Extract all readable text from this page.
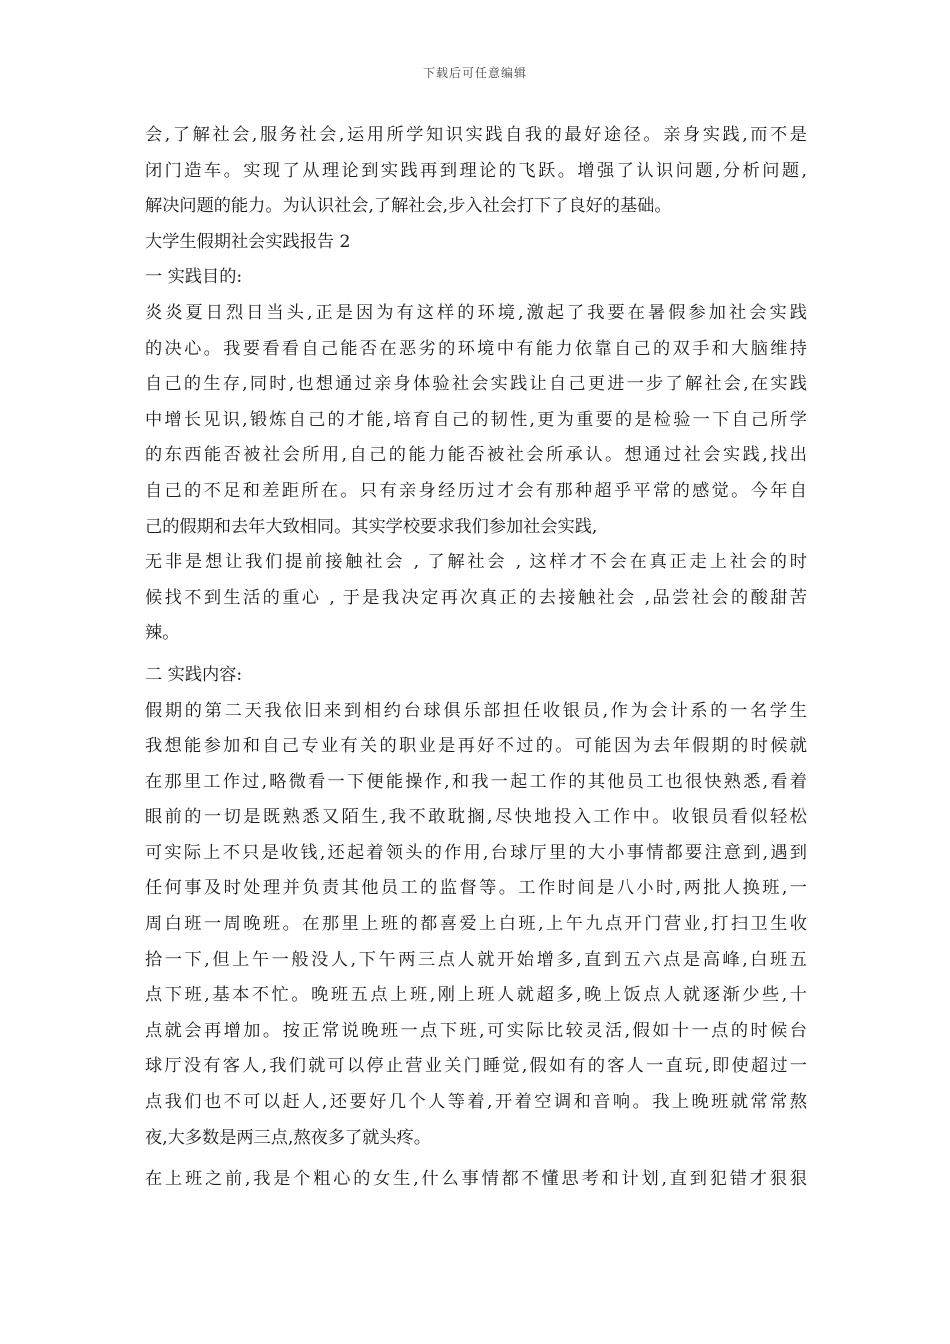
下载后可任意编辑
会,了解社会,服务社会,运用所学知识实践自我的最好途径。亲身实践,而不是
闭门造车。实现了从理论到实践再到理论的飞跃。增强了认识问题,分析问题,
解决问题的能力。为认识社会,了解社会,步入社会打下了良好的基础。
大学生假期社会实践报告 2
一 实践目的:
炎炎夏日烈日当头,正是因为有这样的环境,激起了我要在暑假参加社会实践
的决心。我要看看自己能否在恶劣的环境中有能力依靠自己的双手和大脑维持
自己的生存,同时,也想通过亲身体验社会实践让自己更进一步了解社会,在实践
中增长见识,锻炼自己的才能,培育自己的韧性,更为重要的是检验一下自己所学
的东西能否被社会所用,自己的能力能否被社会所承认。想通过社会实践,找出
自己的不足和差距所在。只有亲身经历过才会有那种超乎平常的感觉。今年自
己的假期和去年大致相同。其实学校要求我们参加社会实践,
无非是想让我们提前接触社会 , 了解社会 , 这样才不会在真正走上社会的时
候找不到生活的重心 , 于是我决定再次真正的去接触社会 ,品尝社会的酸甜苦
辣。
二 实践内容:
假期的第二天我依旧来到相约台球俱乐部担任收银员,作为会计系的一名学生
我想能参加和自己专业有关的职业是再好不过的。可能因为去年假期的时候就
在那里工作过,略微看一下便能操作,和我一起工作的其他员工也很快熟悉,看着
眼前的一切是既熟悉又陌生,我不敢耽搁,尽快地投入工作中。收银员看似轻松
可实际上不只是收钱,还起着领头的作用,台球厅里的大小事情都要注意到,遇到
任何事及时处理并负责其他员工的监督等。工作时间是八小时,两批人换班,一
周白班一周晚班。在那里上班的都喜爱上白班,上午九点开门营业,打扫卫生收
拾一下,但上午一般没人,下午两三点人就开始增多,直到五六点是高峰,白班五
点下班,基本不忙。晚班五点上班,刚上班人就超多,晚上饭点人就逐渐少些,十
点就会再增加。按正常说晚班一点下班,可实际比较灵活,假如十一点的时候台
球厅没有客人,我们就可以停止营业关门睡觉,假如有的客人一直玩,即使超过一
点我们也不可以赶人,还要好几个人等着,开着空调和音响。我上晚班就常常熬
夜,大多数是两三点,熬夜多了就头疼。
在上班之前,我是个粗心的女生,什么事情都不懂思考和计划,直到犯错才狠狠
